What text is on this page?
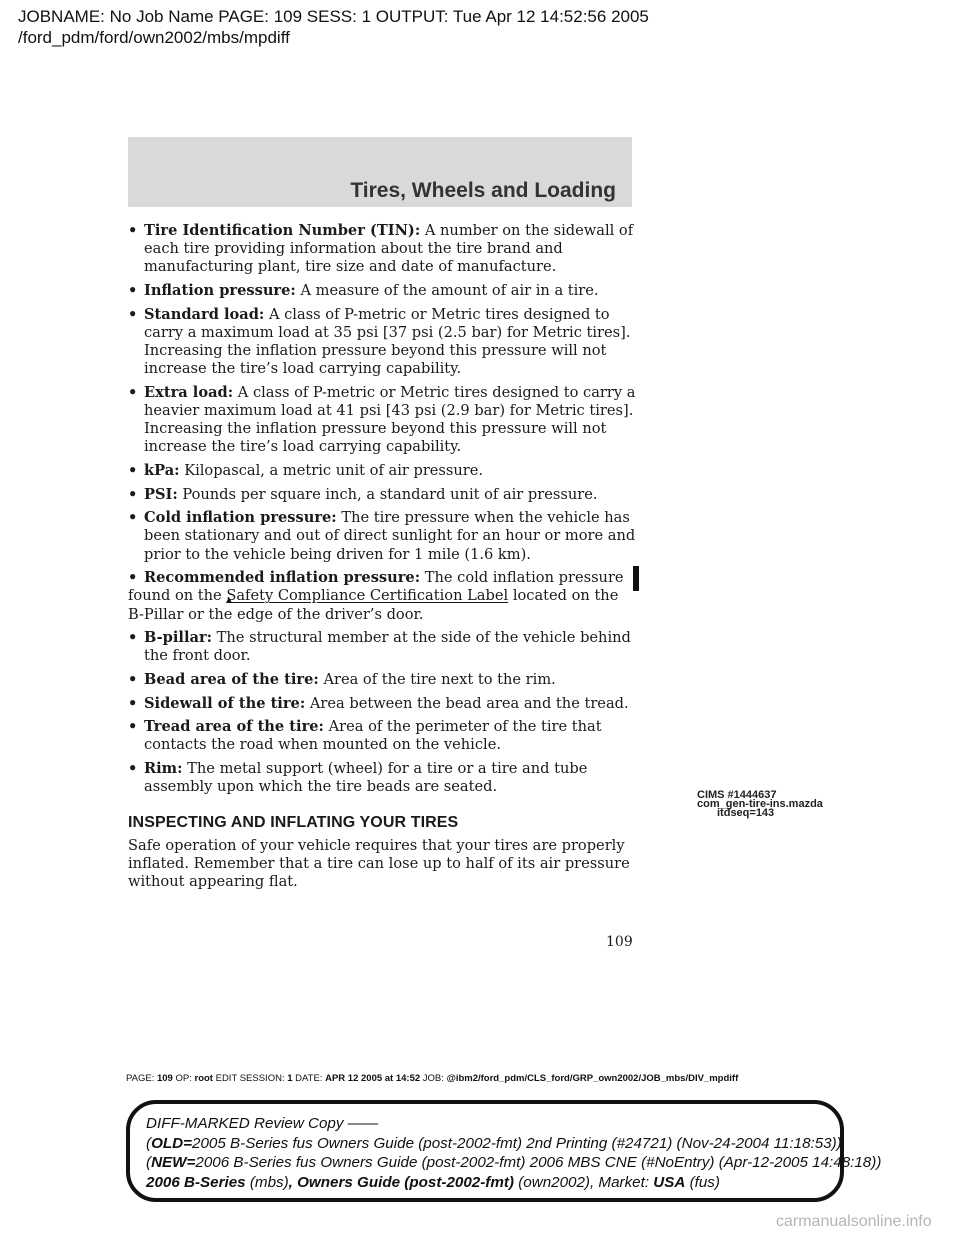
JOBNAME: No Job Name PAGE: 109 SESS: 1 OUTPUT: Tue Apr 12 14:52:56 2005
/ford_pdm/ford/own2002/mbs/mpdiff
Tires, Wheels and Loading
• Tire Identification Number (TIN): A number on the sidewall of each tire providing information about the tire brand and manufacturing plant, tire size and date of manufacture.
• Inflation pressure: A measure of the amount of air in a tire.
• Standard load: A class of P-metric or Metric tires designed to carry a maximum load at 35 psi [37 psi (2.5 bar) for Metric tires]. Increasing the inflation pressure beyond this pressure will not increase the tire’s load carrying capability.
• Extra load: A class of P-metric or Metric tires designed to carry a heavier maximum load at 41 psi [43 psi (2.9 bar) for Metric tires]. Increasing the inflation pressure beyond this pressure will not increase the tire’s load carrying capability.
• kPa: Kilopascal, a metric unit of air pressure.
• PSI: Pounds per square inch, a standard unit of air pressure.
• Cold inflation pressure: The tire pressure when the vehicle has been stationary and out of direct sunlight for an hour or more and prior to the vehicle being driven for 1 mile (1.6 km).
• Recommended inflation pressure: The cold inflation pressure
found on the Safety Compliance Certification Label located on the B-Pillar or the edge of the driver’s door.
• B-pillar: The structural member at the side of the vehicle behind the front door.
• Bead area of the tire: Area of the tire next to the rim.
• Sidewall of the tire: Area between the bead area and the tread.
• Tread area of the tire: Area of the perimeter of the tire that contacts the road when mounted on the vehicle.
• Rim: The metal support (wheel) for a tire or a tire and tube assembly upon which the tire beads are seated.
INSPECTING AND INFLATING YOUR TIRES

Safe operation of your vehicle requires that your tires are properly inflated. Remember that a tire can lose up to half of its air pressure without appearing flat.

CIMS #1444637
com_gen-tire-ins.mazda
itdseq=143
109
PAGE: 109 OP: root EDIT SESSION: 1 DATE: APR 12 2005 at 14:52 JOB: @ibm2/ford_pdm/CLS_ford/GRP_own2002/JOB_mbs/DIV_mpdiff
DIFF-MARKED Review Copy ——
(OLD=2005 B-Series fus Owners Guide (post-2002-fmt) 2nd Printing (#24721) (Nov-24-2004 11:18:53))
(NEW=2006 B-Series fus Owners Guide (post-2002-fmt) 2006 MBS CNE (#NoEntry) (Apr-12-2005 14:48:18))
2006 B-Series (mbs), Owners Guide (post-2002-fmt) (own2002), Market: USA (fus)
carmanualsonline.info
